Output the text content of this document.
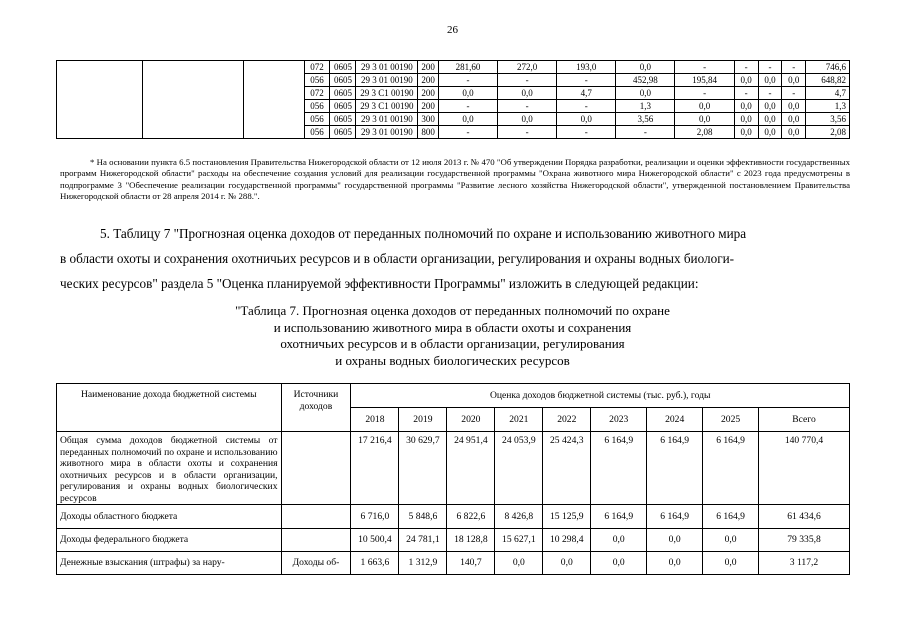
26
			072	0605	29 3 01 00190	200	281,60	272,0	193,0	0,0	-	-	-	-	746,6
			056	0605	29 3 01 00190	200	-	-	-	452,98	195,84	0,0	0,0	0,0	648,82
			072	0605	29 3 C1 00190	200	0,0	0,0	4,7	0,0	-	-	-	-	4,7
			056	0605	29 3 C1 00190	200	-	-	-	1,3	0,0	0,0	0,0	0,0	1,3
			056	0605	29 3 01 00190	300	0,0	0,0	0,0	3,56	0,0	0,0	0,0	0,0	3,56
			056	0605	29 3 01 00190	800	-	-	-	-	2,08	0,0	0,0	0,0	2,08
* На основании пункта 6.5 постановления Правительства Нижегородской области от 12 июля 2013 г. № 470 "Об утверждении Порядка разработки, реализации и оценки эффективности государственных программ Нижегородской области" расходы на обеспечение создания условий для реализации государственной программы "Охрана животного мира Нижегородской области" с 2023 года предусмотрены в подпрограмме 3 "Обеспечение реализации государственной программы" государственной программы "Развитие лесного хозяйства Нижегородской области", утвержденной постановлением Правительства Нижегородской области от 28 апреля 2014 г. № 288.".
5. Таблицу 7 "Прогнозная оценка доходов от переданных полномочий по охране и использованию животного мира
в области охоты и сохранения охотничьих ресурсов и в области организации, регулирования и охраны водных биологи-
ческих ресурсов" раздела 5 "Оценка планируемой эффективности Программы" изложить в следующей редакции:
"Таблица 7. Прогнозная оценка доходов от переданных полномочий по охране
и использованию животного мира в области охоты и сохранения
охотничьих ресурсов и в области организации, регулирования
и охраны водных биологических ресурсов
Наименование дохода бюджетной системы	Источники доходов	Оценка доходов бюджетной системы (тыс. руб.), годы								
		2018	2019	2020	2021	2022	2023	2024	2025	Всего
Общая сумма доходов бюджетной системы от переданных полномочий по охране и использованию животного мира в области охоты и сохранения охотничьих ресурсов и в области организации, регулирования и охраны водных биологических ресурсов		17 216,4	30 629,7	24 951,4	24 053,9	25 424,3	6 164,9	6 164,9	6 164,9	140 770,4
Доходы областного бюджета		6 716,0	5 848,6	6 822,6	8 426,8	15 125,9	6 164,9	6 164,9	6 164,9	61 434,6
Доходы федерального бюджета		10 500,4	24 781,1	18 128,8	15 627,1	10 298,4	0,0	0,0	0,0	79 335,8
Денежные взыскания (штрафы) за нару-	Доходы об-	1 663,6	1 312,9	140,7	0,0	0,0	0,0	0,0	0,0	3 117,2
